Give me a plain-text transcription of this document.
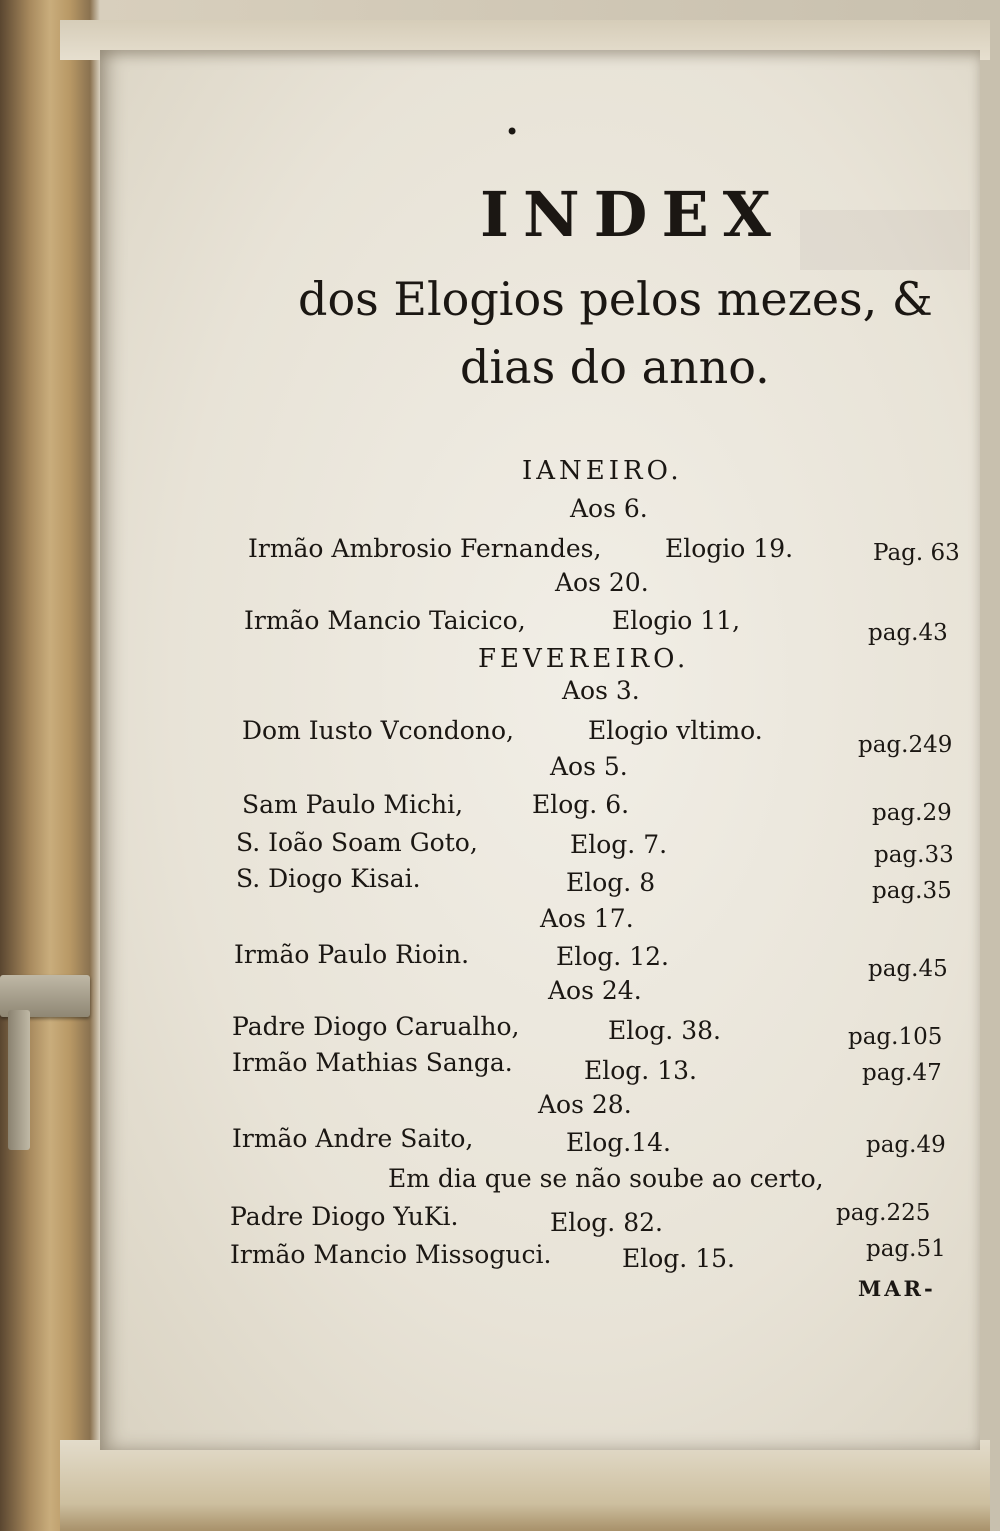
•
INDEX
dos Elogios pelos mezes, &
dias do anno.
IANEIRO.
Aos 6.
Irmão Ambrosio Fernandes,	Elogio 19.	Pag. 63
Aos 20.
Irmão Mancio Taicico,	Elogio 11,	pag.43
FEVEREIRO.
Aos 3.
Dom Iusto Vcondono,	Elogio vltimo.	pag.249
Aos 5.
Sam Paulo Michi,	Elog. 6.	pag.29
S. Ioão Soam Goto,	Elog. 7.	pag.33
S. Diogo Kisai.	Elog. 8	pag.35
Aos 17.
Irmão Paulo Rioin.	Elog. 12.	pag.45
Aos 24.
Padre Diogo Carualho,	Elog. 38.	pag.105
Irmão Mathias Sanga.	Elog. 13.	pag.47
Aos 28.
Irmão Andre Saito,	Elog.14.	pag.49
Em dia que se não soube ao certo,
Padre Diogo YuKi.	Elog. 82.	pag.225
Irmão Mancio Missoguci.	Elog. 15.	pag.51
MAR-
